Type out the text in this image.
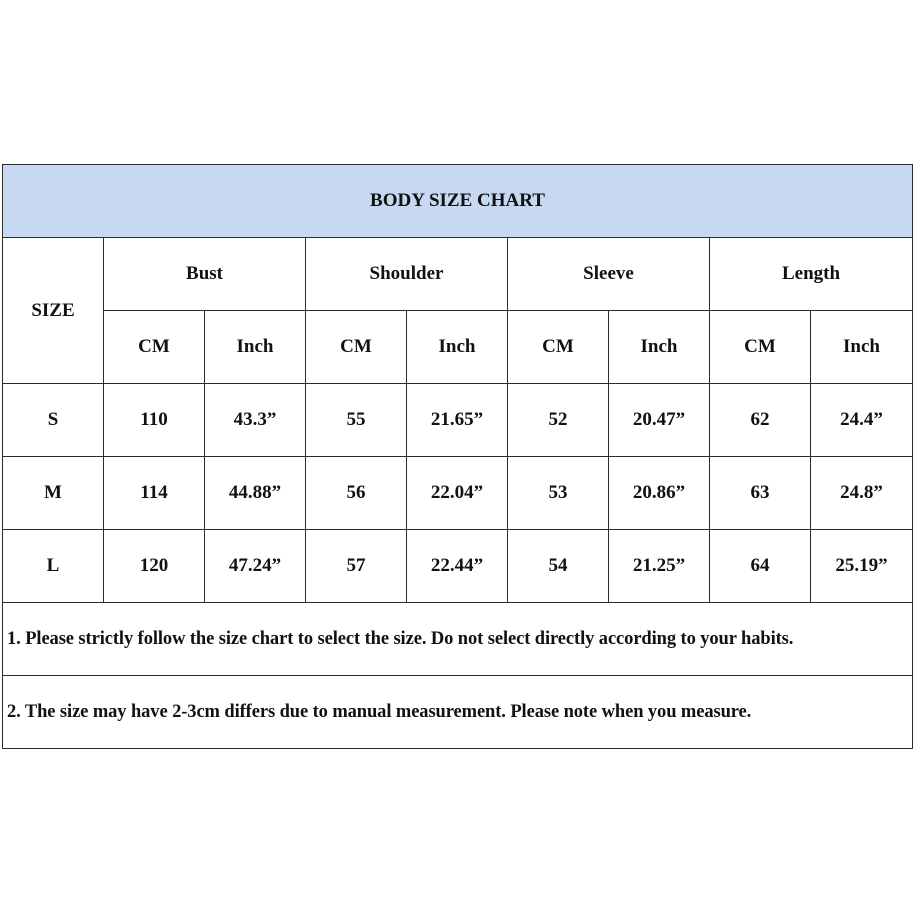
BODY SIZE CHART								
SIZE	Bust		Shoulder		Sleeve		Length	
	CM	Inch	CM	Inch	CM	Inch	CM	Inch
S	110	43.3”	55	21.65”	52	20.47”	62	24.4”
M	114	44.88”	56	22.04”	53	20.86”	63	24.8”
L	120	47.24”	57	22.44”	54	21.25”	64	25.19”
1. Please strictly follow the size chart to select the size. Do not select directly according to your habits.								
2. The size may have 2-3cm differs due to manual measurement. Please note when you measure.								
